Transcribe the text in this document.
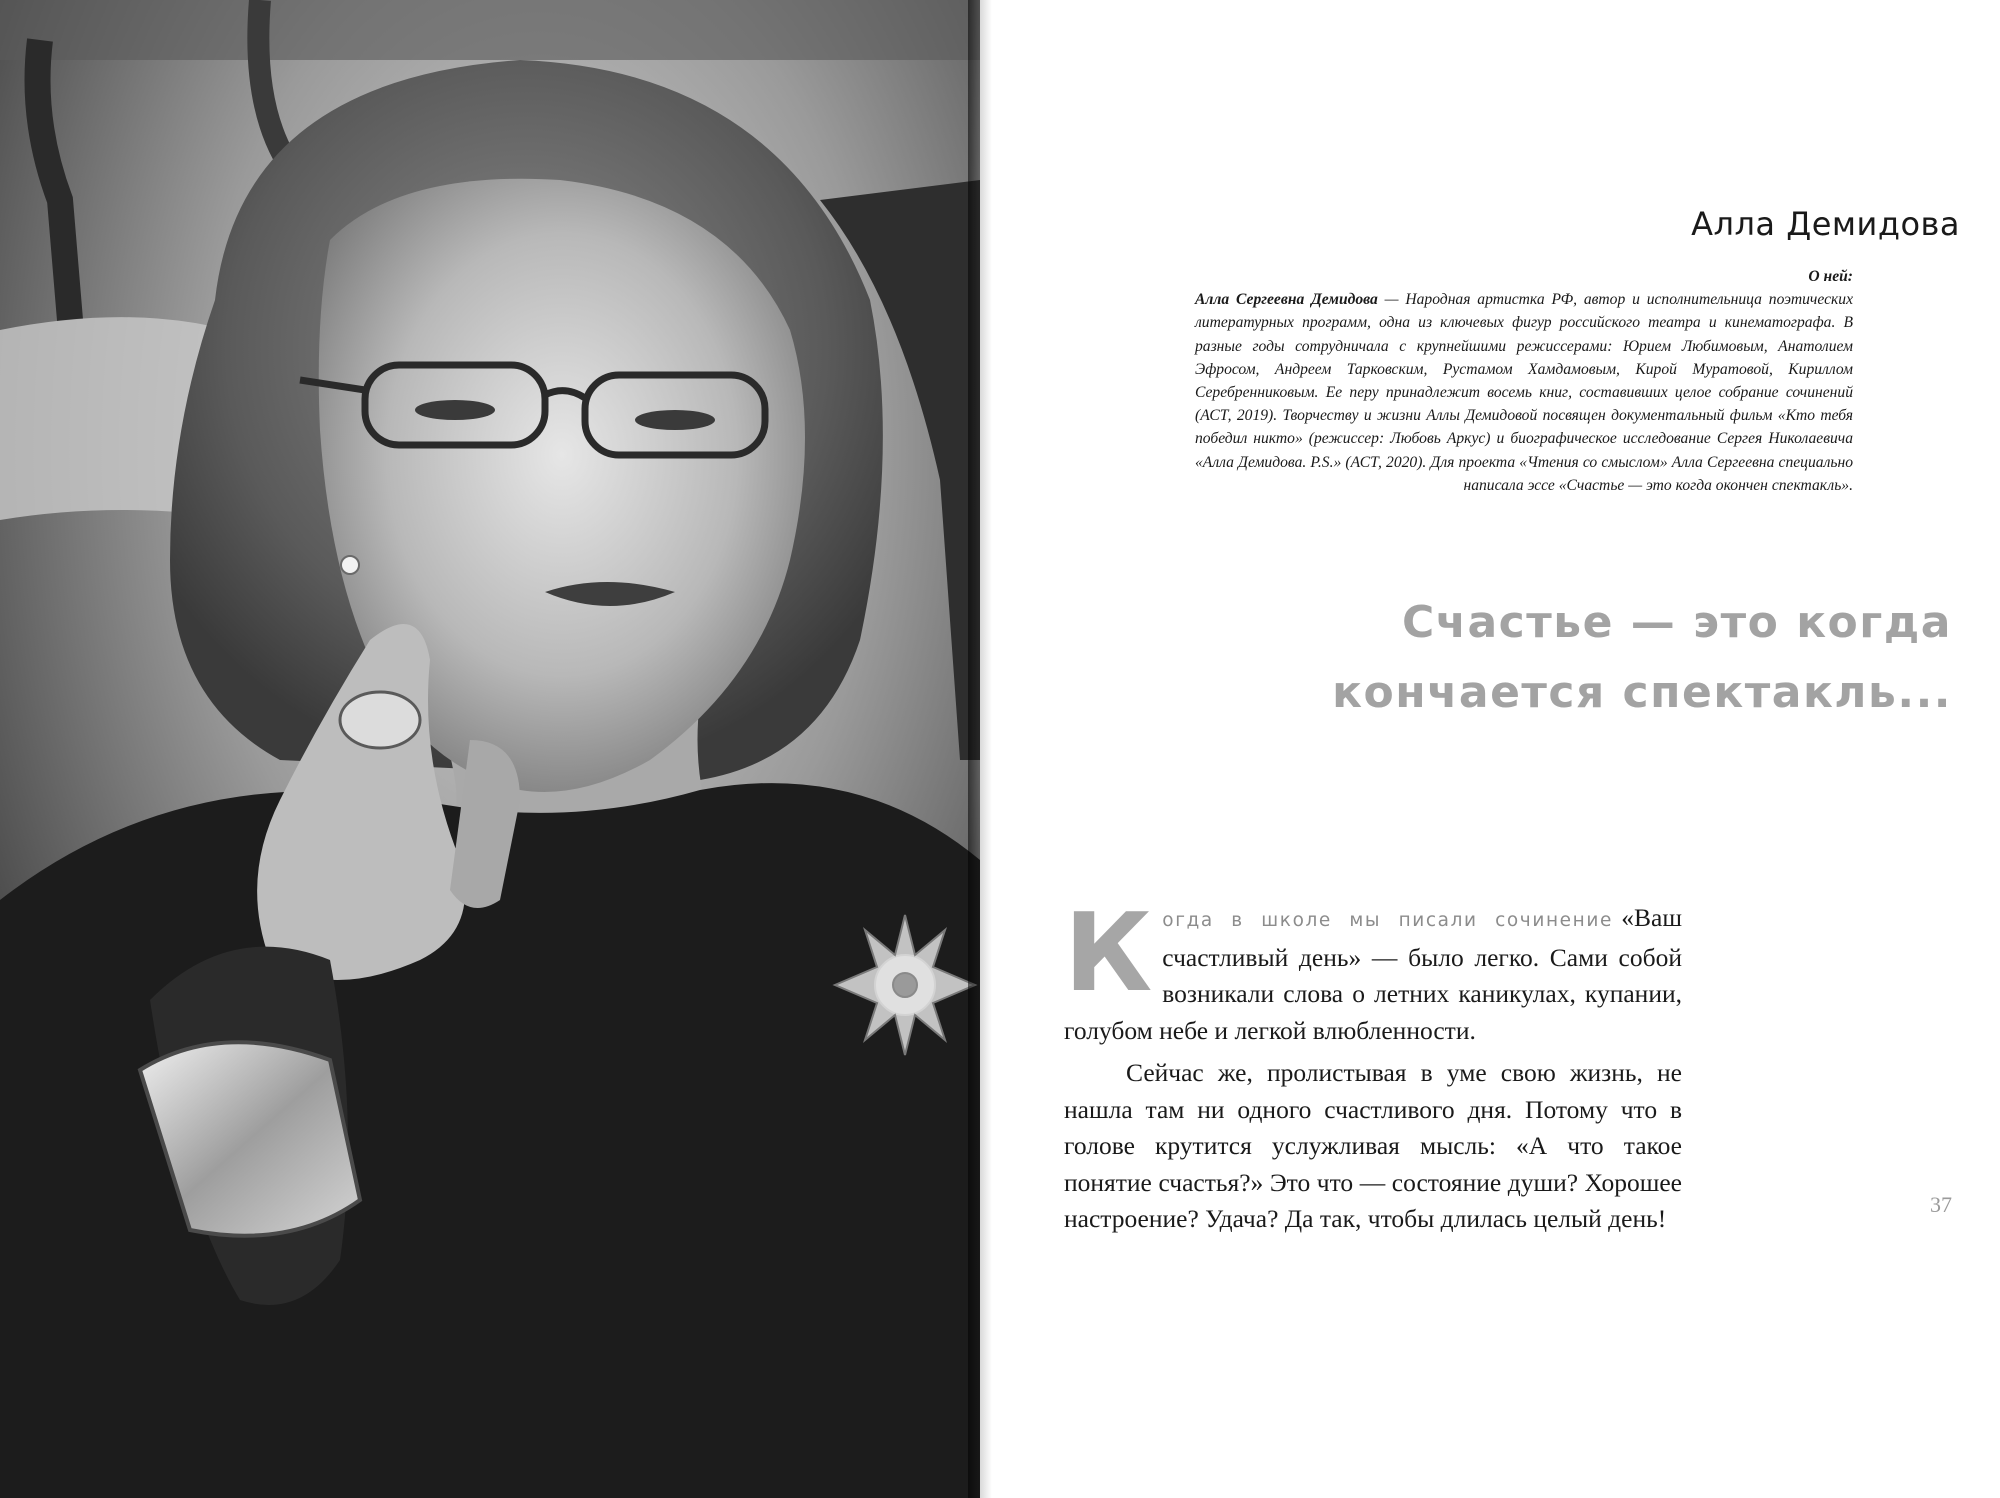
Алла Демидова

О ней:

Алла Сергеевна Демидова — Народная артистка РФ, автор и исполнительница поэтических литературных программ, одна из ключевых фигур российского театра и кинематографа. В разные годы сотрудничала с крупнейшими режиссерами: Юрием Любимовым, Анатолием Эфросом, Андреем Тарковским, Рустамом Хамдамовым, Кирой Муратовой, Кириллом Серебренниковым. Ее перу принадлежит восемь книг, составивших целое собрание сочинений (АСТ, 2019). Творчеству и жизни Аллы Демидовой посвящен документальный фильм «Кто тебя победил никто» (режиссер: Любовь Аркус) и биографическое исследование Сергея Николаевича «Алла Демидова. P.S.» (АСТ, 2020). Для проекта «Чтения со смыслом» Алла Сергеевна специально написала эссе «Счастье — это когда окончен спектакль».

Счастье — это когда
кончается спектакль...

Когда в школе мы писали сочинение «Ваш счастливый день» — было легко. Сами собой возникали слова о летних каникулах, купании, голубом небе и легкой влюбленности.

Сейчас же, пролистывая в уме свою жизнь, не нашла там ни одного счастливого дня. Потому что в голове крутится услужливая мысль: «А что такое понятие счастья?» Это что — состояние души? Хорошее настроение? Удача? Да так, чтобы длилась целый день!	37
